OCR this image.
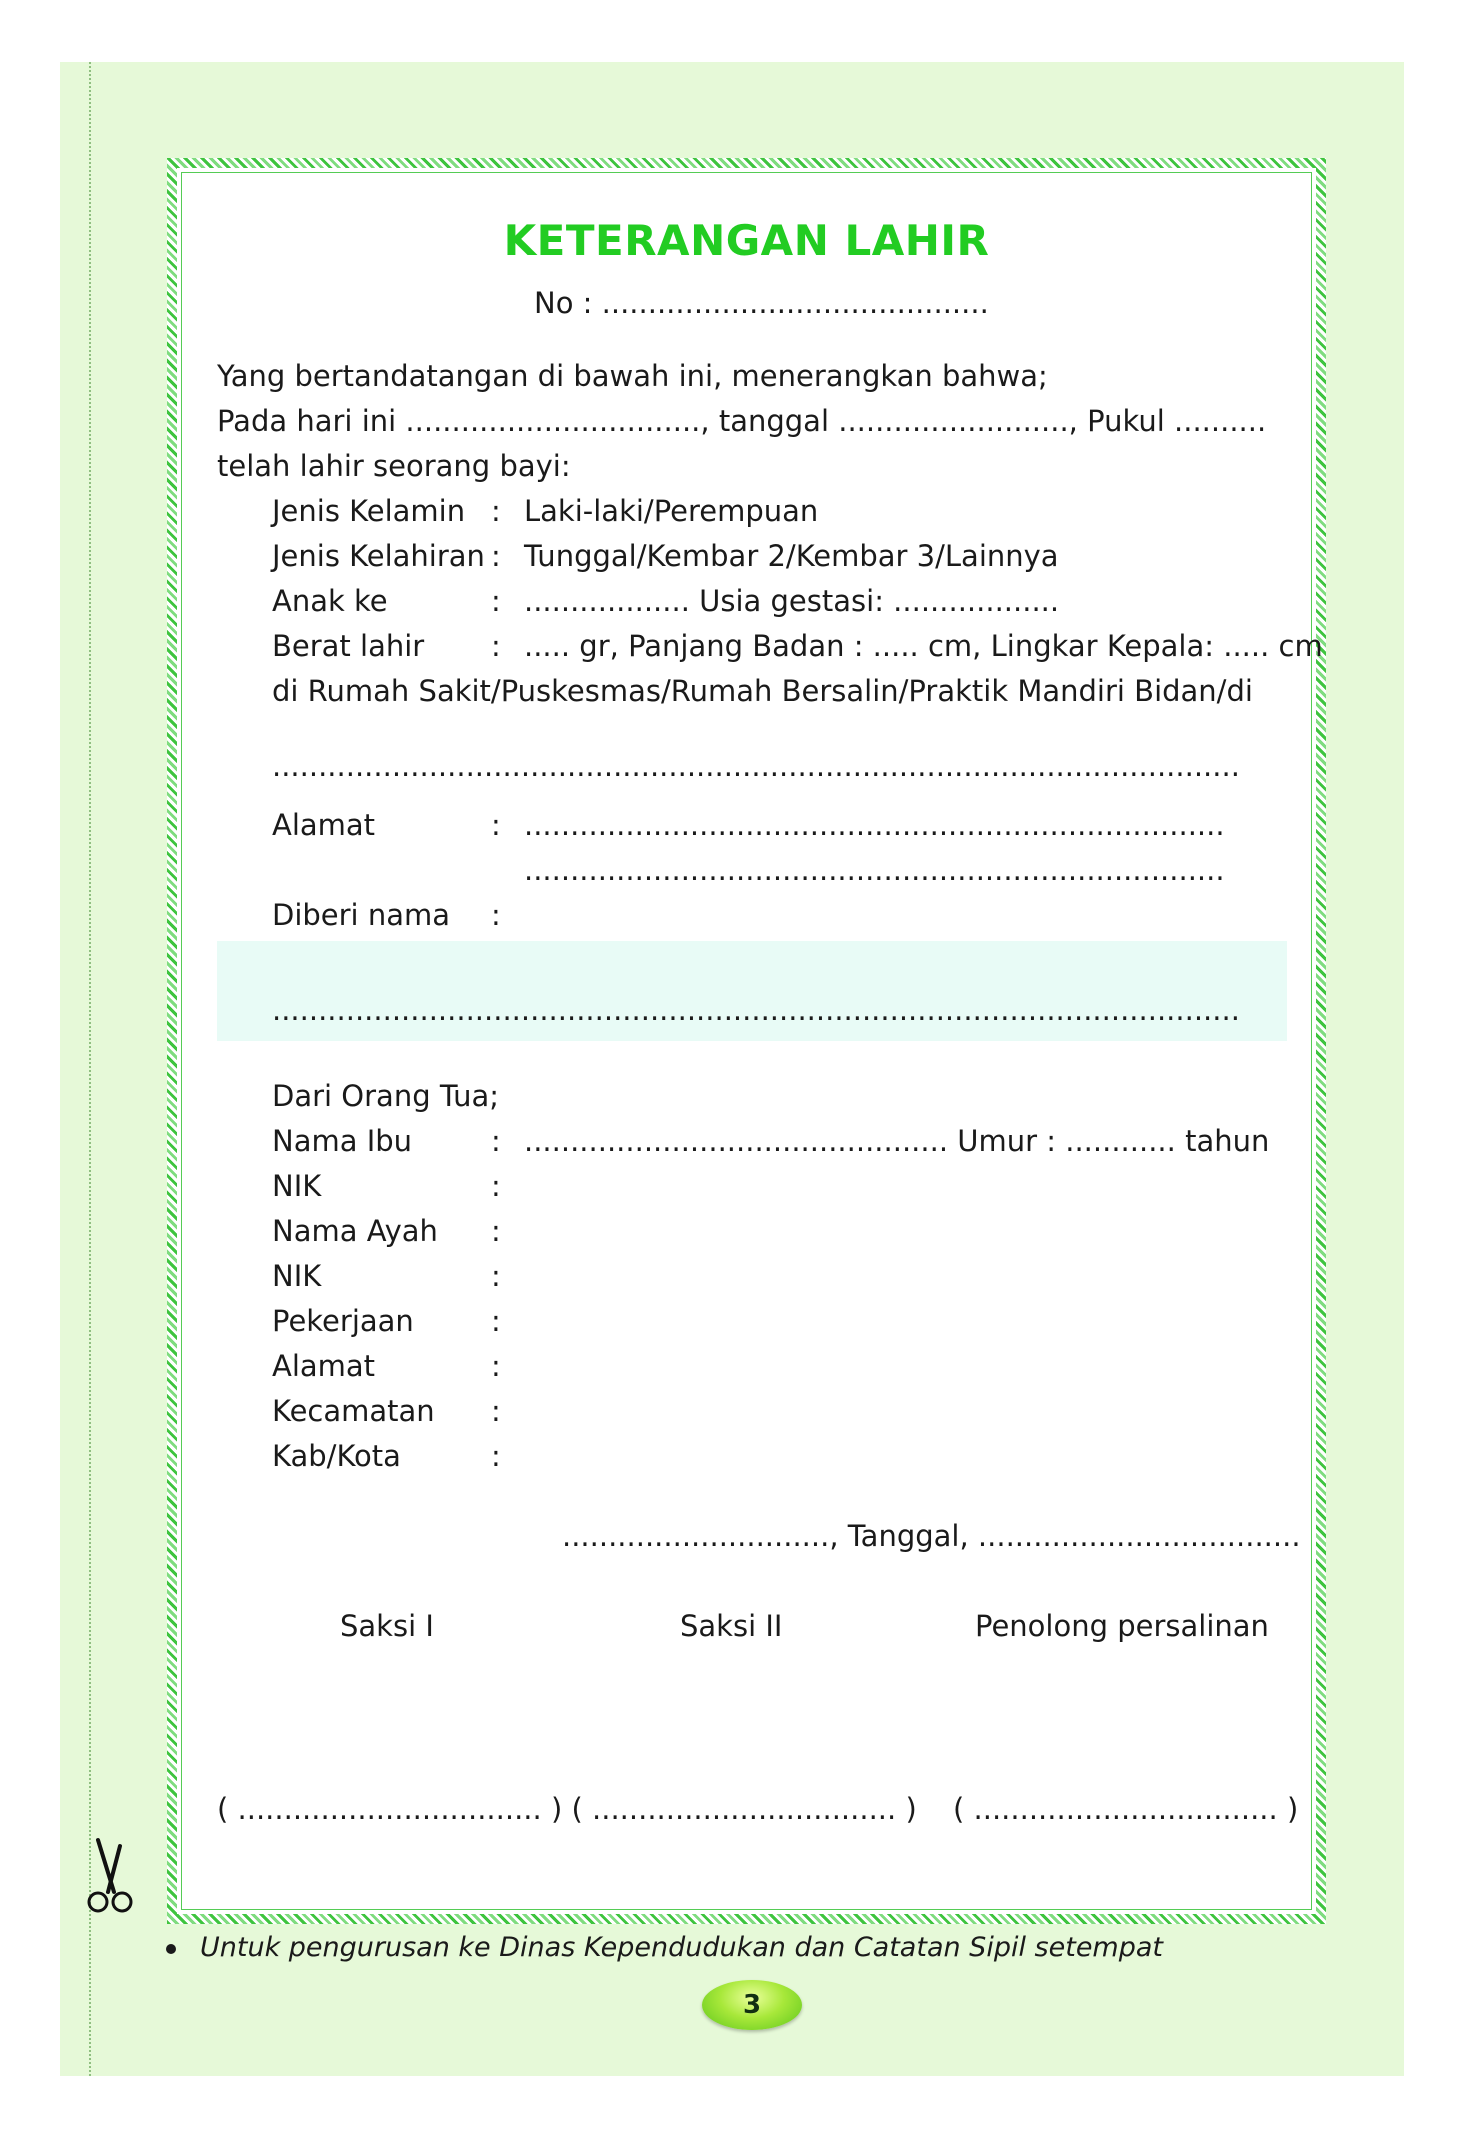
KETERANGAN LAHIR
No : ..........................................
Yang bertandatangan di bawah ini, menerangkan bahwa;
Pada hari ini ................................, tanggal ........................., Pukul ..........
telah lahir seorang bayi:
Jenis Kelamin : Laki-laki/Perempuan
Jenis Kelahiran : Tunggal/Kembar 2/Kembar 3/Lainnya
Anak ke	: .................. Usia gestasi: ..................
Berat lahir : ..... gr, Panjang Badan : ..... cm, Lingkar Kepala: ..... cm
di Rumah Sakit/Puskesmas/Rumah Bersalin/Praktik Mandiri Bidan/di
.........................................................................................................
Alamat	: ............................................................................
............................................................................
Diberi nama :
.........................................................................................................
Dari Orang Tua;
Nama Ibu	: .............................................. Umur : ............ tahun
NIK	:
Nama Ayah :
NIK	:
Pekerjaan	:
Alamat	:
Kecamatan :
Kab/Kota	:
............................., Tanggal, ...................................
Saksi I	Saksi II	Penolong persalinan
( ................................. ) ( ................................. ) ( ................................. )
Untuk pengurusan ke Dinas Kependudukan dan Catatan Sipil setempat
3
